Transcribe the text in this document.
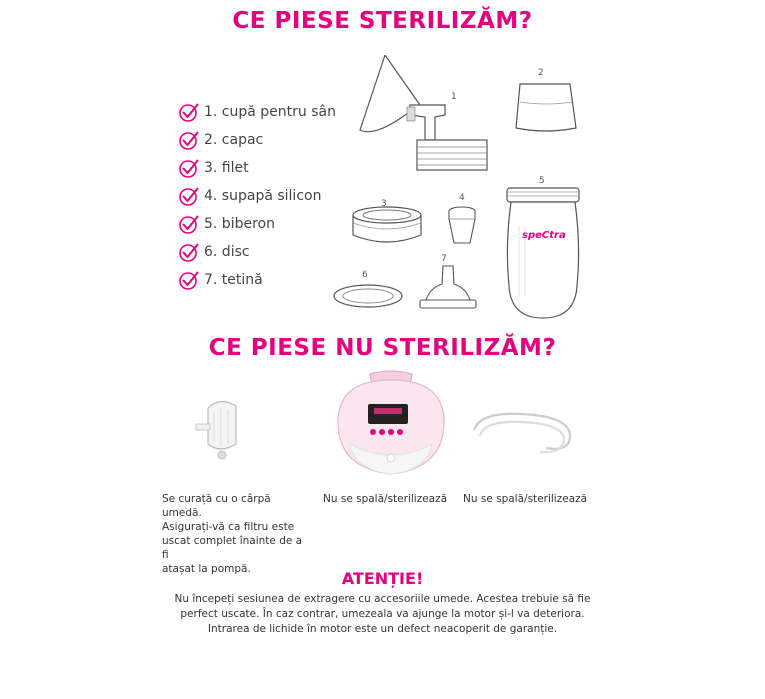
CE PIESE STERILIZĂM?
1. cupă pentru sân
2. capac
3. filet
4. supapă silicon
5. biberon
6. disc
7. tetină
1
2
3
4
5
speCtra
6
7
CE PIESE NU STERILIZĂM?
Se curață cu o cârpă umedă.
Asigurați-vă ca filtru este
uscat complet înainte de a fi
atașat la pompă.
Nu se spală/sterilizează Nu se spală/sterilizează
ATENȚIE!
Nu începeți sesiunea de extragere cu accesoriile umede. Acestea trebuie să fie
perfect uscate. În caz contrar, umezeala va ajunge la motor și-l va deteriora.
Intrarea de lichide în motor este un defect neacoperit de garanție.
